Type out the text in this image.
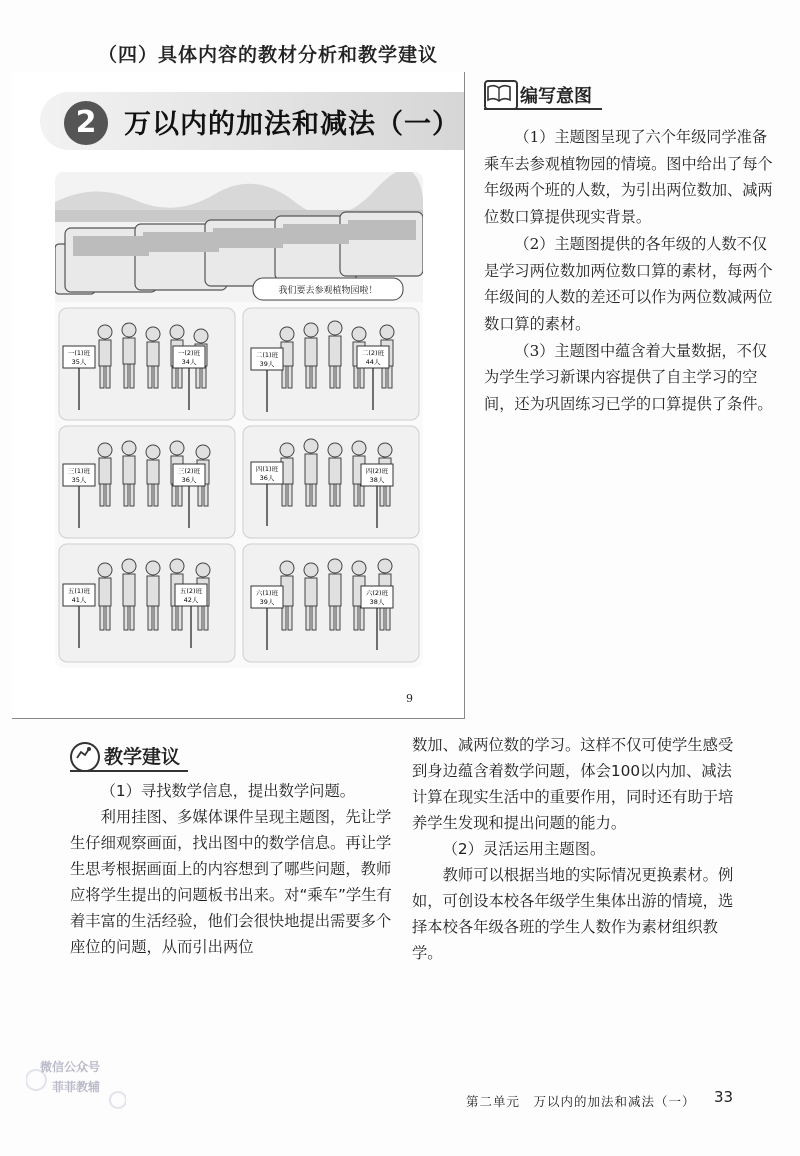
（四）具体内容的教材分析和教学建议
2	万以内的加法和减法（一）
我们要去参观植物园啦！
一(1)班
35人
一(2)班
34人
二(1)班
39人
二(2)班
44人
三(1)班
35人
三(2)班
36人
四(1)班
36人
四(2)班
38人
五(1)班
41人
五(2)班
42人
六(1)班
39人
六(2)班
38人
9
编写意图

（1）主题图呈现了六个年级同学准备乘车去参观植物园的情境。图中给出了每个年级两个班的人数，为引出两位数加、减两位数口算提供现实背景。

（2）主题图提供的各年级的人数不仅是学习两位数加两位数口算的素材，每两个年级间的人数的差还可以作为两位数减两位数口算的素材。

（3）主题图中蕴含着大量数据，不仅为学生学习新课内容提供了自主学习的空间，还为巩固练习已学的口算提供了条件。

教学建议

（1）寻找数学信息，提出数学问题。

利用挂图、多媒体课件呈现主题图，先让学生仔细观察画面，找出图中的数学信息。再让学生思考根据画面上的内容想到了哪些问题，教师应将学生提出的问题板书出来。对“乘车”学生有着丰富的生活经验，他们会很快地提出需要多个座位的问题，从而引出两位

数加、减两位数的学习。这样不仅可使学生感受到身边蕴含着数学问题，体会100以内加、减法计算在现实生活中的重要作用，同时还有助于培养学生发现和提出问题的能力。

（2）灵活运用主题图。

教师可以根据当地的实际情况更换素材。例如，可创设本校各年级学生集体出游的情境，选择本校各年级各班的学生人数作为素材组织教学。

微信公众号
菲菲教辅
第二单元　万以内的加法和减法（一） 33
